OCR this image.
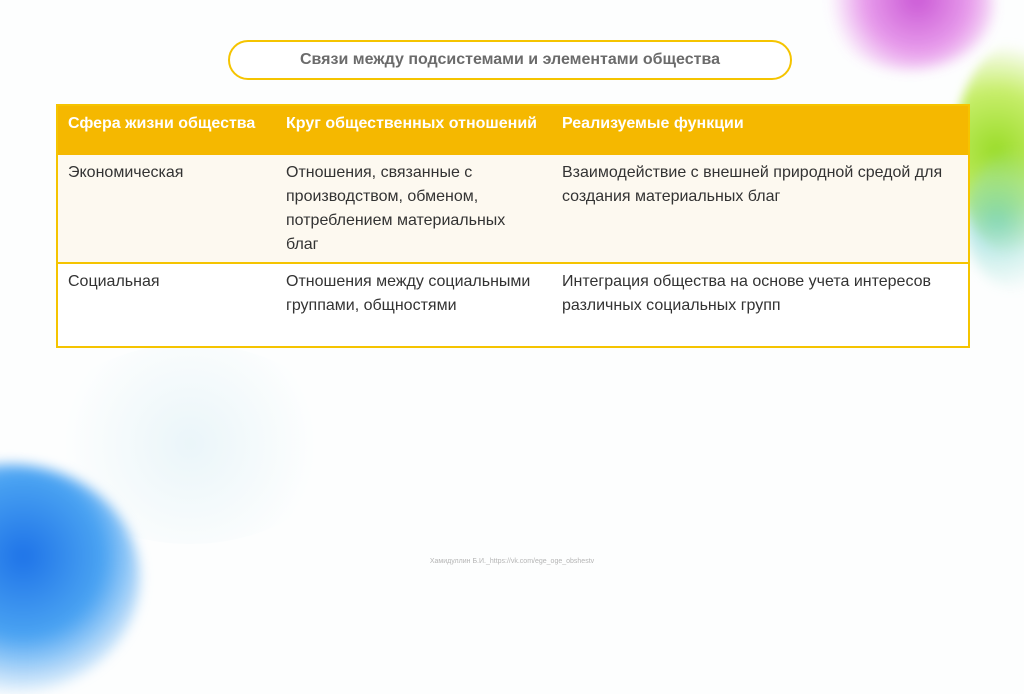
Связи между подсистемами и элементами общества
Сфера жизни общества	Круг общественных отношений	Реализуемые функции
Экономическая	Отношения, связанные с производством, обменом, потреблением материальных благ	Взаимодействие с внешней природной средой для создания материальных благ
Социальная	Отношения между социальными группами, общностями	Интеграция общества на основе учета интересов различных социальных групп
Хамидуллин Б.И._https://vk.com/ege_oge_obshestv
